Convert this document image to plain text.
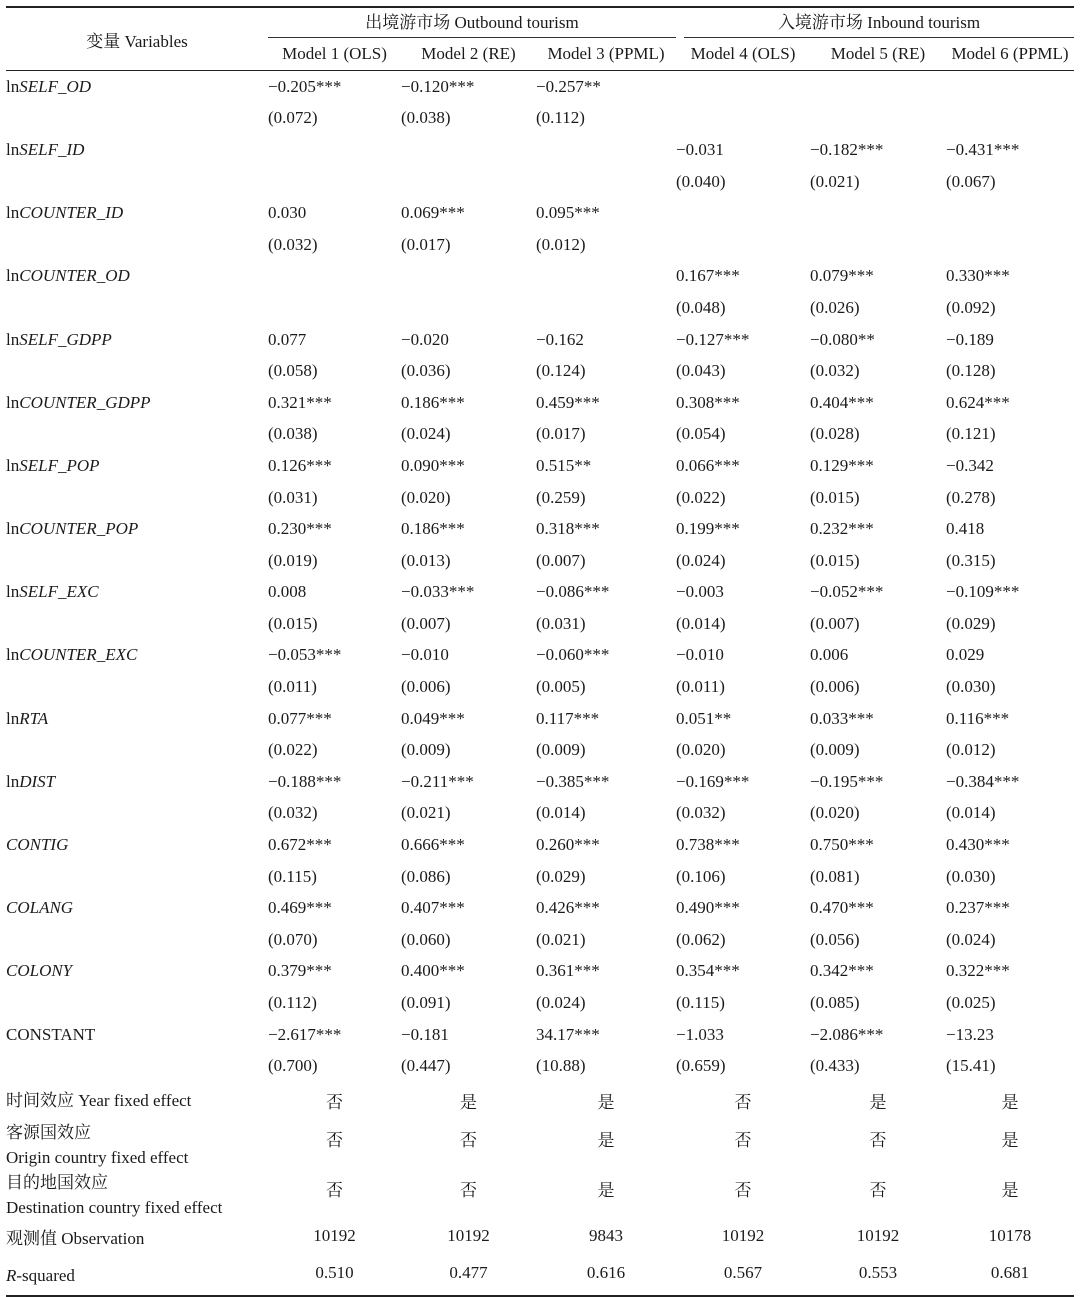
变量 Variables	出境游市场 Outbound tourism			入境游市场 Inbound tourism		
	Model 1 (OLS)	Model 2 (RE)	Model 3 (PPML)	Model 4 (OLS)	Model 5 (RE)	Model 6 (PPML)
lnSELF_OD	−0.205***	−0.120***	−0.257**			
	(0.072)	(0.038)	(0.112)			
lnSELF_ID				−0.031	−0.182***	−0.431***
				(0.040)	(0.021)	(0.067)
lnCOUNTER_ID	0.030	0.069***	0.095***			
	(0.032)	(0.017)	(0.012)			
lnCOUNTER_OD				0.167***	0.079***	0.330***
				(0.048)	(0.026)	(0.092)
lnSELF_GDPP	0.077	−0.020	−0.162	−0.127***	−0.080**	−0.189
	(0.058)	(0.036)	(0.124)	(0.043)	(0.032)	(0.128)
lnCOUNTER_GDPP	0.321***	0.186***	0.459***	0.308***	0.404***	0.624***
	(0.038)	(0.024)	(0.017)	(0.054)	(0.028)	(0.121)
lnSELF_POP	0.126***	0.090***	0.515**	0.066***	0.129***	−0.342
	(0.031)	(0.020)	(0.259)	(0.022)	(0.015)	(0.278)
lnCOUNTER_POP	0.230***	0.186***	0.318***	0.199***	0.232***	0.418
	(0.019)	(0.013)	(0.007)	(0.024)	(0.015)	(0.315)
lnSELF_EXC	0.008	−0.033***	−0.086***	−0.003	−0.052***	−0.109***
	(0.015)	(0.007)	(0.031)	(0.014)	(0.007)	(0.029)
lnCOUNTER_EXC	−0.053***	−0.010	−0.060***	−0.010	0.006	0.029
	(0.011)	(0.006)	(0.005)	(0.011)	(0.006)	(0.030)
lnRTA	0.077***	0.049***	0.117***	0.051**	0.033***	0.116***
	(0.022)	(0.009)	(0.009)	(0.020)	(0.009)	(0.012)
lnDIST	−0.188***	−0.211***	−0.385***	−0.169***	−0.195***	−0.384***
	(0.032)	(0.021)	(0.014)	(0.032)	(0.020)	(0.014)
CONTIG	0.672***	0.666***	0.260***	0.738***	0.750***	0.430***
	(0.115)	(0.086)	(0.029)	(0.106)	(0.081)	(0.030)
COLANG	0.469***	0.407***	0.426***	0.490***	0.470***	0.237***
	(0.070)	(0.060)	(0.021)	(0.062)	(0.056)	(0.024)
COLONY	0.379***	0.400***	0.361***	0.354***	0.342***	0.322***
	(0.112)	(0.091)	(0.024)	(0.115)	(0.085)	(0.025)
CONSTANT	−2.617***	−0.181	34.17***	−1.033	−2.086***	−13.23
	(0.700)	(0.447)	(10.88)	(0.659)	(0.433)	(15.41)

时间效应 Year fixed effect	否	是	是	否	是	是

客源国效应
Origin country fixed effect	否	否	是	否	否	是

目的地国效应
Destination country fixed effect	否	否	是	否	否	是
观测值 Observation	10192	10192	9843	10192	10192	10178
R-squared	0.510	0.477	0.616	0.567	0.553	0.681
